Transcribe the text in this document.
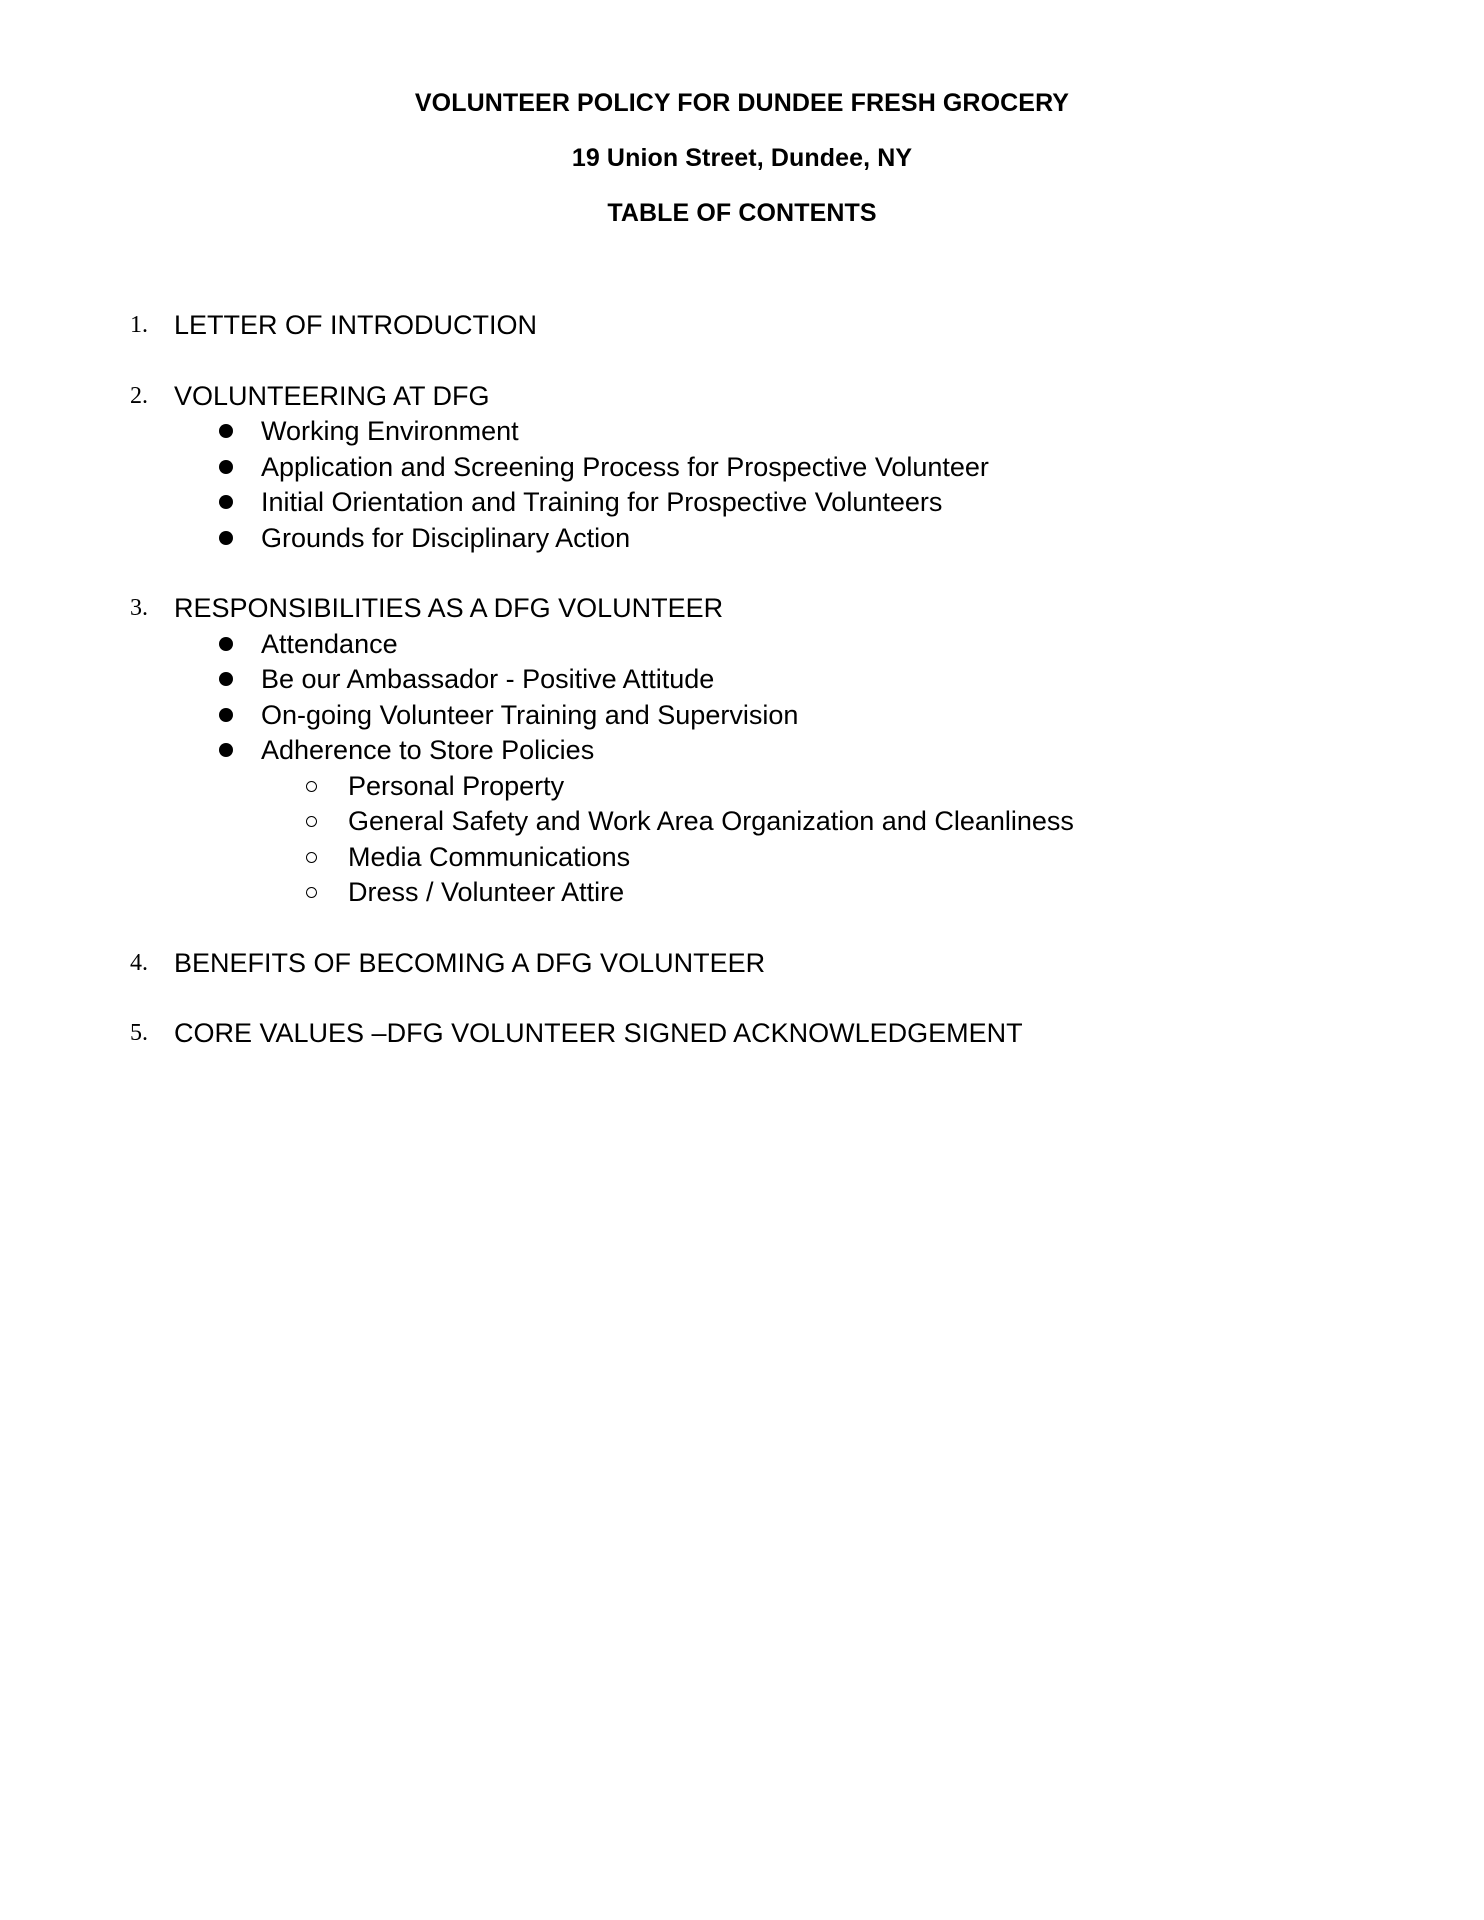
VOLUNTEER POLICY FOR DUNDEE FRESH GROCERY
19 Union Street, Dundee, NY
TABLE OF CONTENTS
1. LETTER OF INTRODUCTION
2. VOLUNTEERING AT DFG
Working Environment
Application and Screening Process for Prospective Volunteer
Initial Orientation and Training for Prospective Volunteers
Grounds for Disciplinary Action
3. RESPONSIBILITIES AS A DFG VOLUNTEER
Attendance
Be our Ambassador - Positive Attitude
On-going Volunteer Training and Supervision
Adherence to Store Policies
Personal Property
General Safety and Work Area Organization and Cleanliness
Media Communications
Dress / Volunteer Attire
4. BENEFITS OF BECOMING A DFG VOLUNTEER
5. CORE VALUES –DFG VOLUNTEER SIGNED ACKNOWLEDGEMENT
